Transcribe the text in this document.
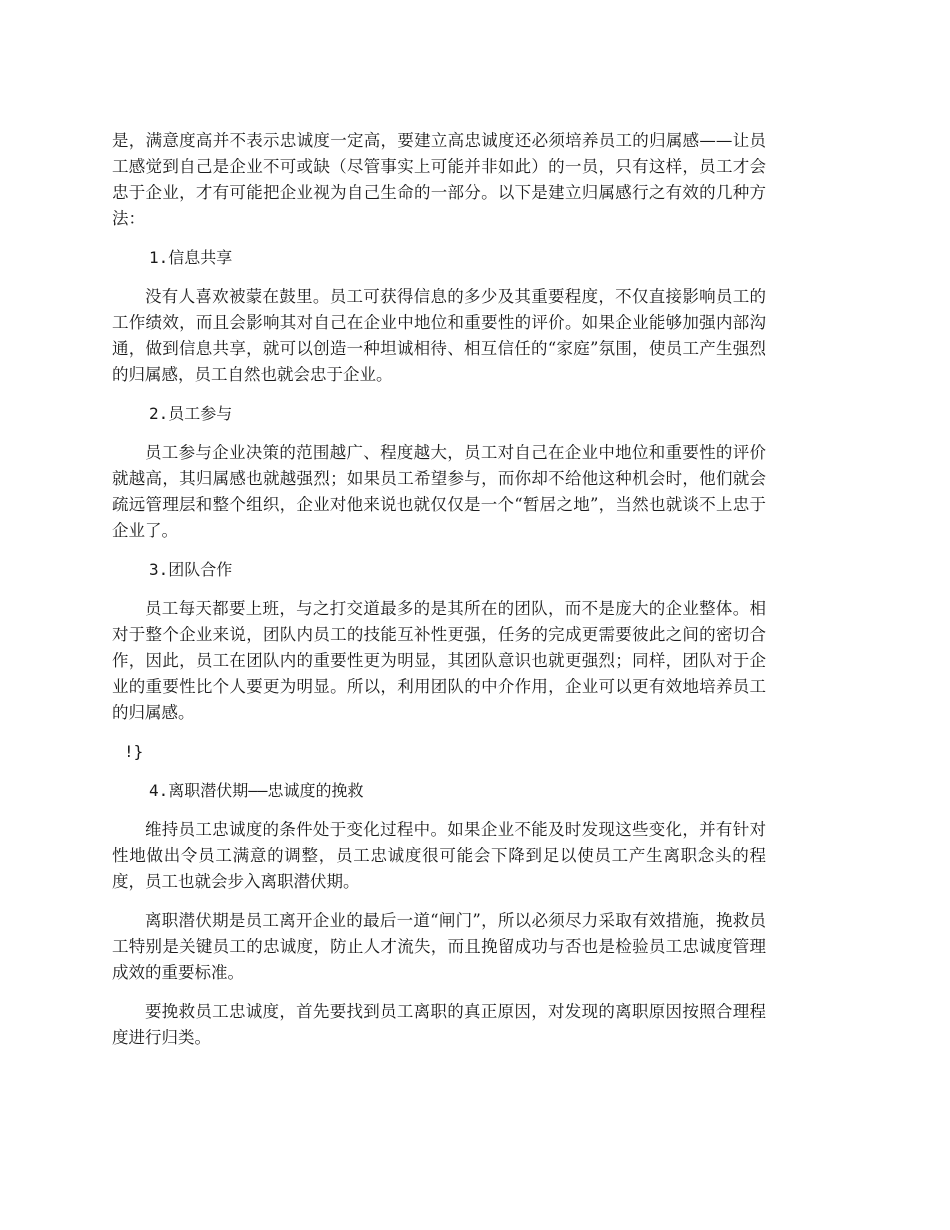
是，满意度高并不表示忠诚度一定高，要建立高忠诚度还必须培养员工的归属感——让员工感觉到自己是企业不可或缺（尽管事实上可能并非如此）的一员，只有这样，员工才会忠于企业，才有可能把企业视为自己生命的一部分。以下是建立归属感行之有效的几种方法：

1.信息共享

没有人喜欢被蒙在鼓里。员工可获得信息的多少及其重要程度，不仅直接影响员工的工作绩效，而且会影响其对自己在企业中地位和重要性的评价。如果企业能够加强内部沟通，做到信息共享，就可以创造一种坦诚相待、相互信任的“家庭”氛围，使员工产生强烈的归属感，员工自然也就会忠于企业。

2.员工参与

员工参与企业决策的范围越广、程度越大，员工对自己在企业中地位和重要性的评价就越高，其归属感也就越强烈；如果员工希望参与，而你却不给他这种机会时，他们就会疏远管理层和整个组织，企业对他来说也就仅仅是一个“暂居之地”，当然也就谈不上忠于企业了。

3.团队合作

员工每天都要上班，与之打交道最多的是其所在的团队，而不是庞大的企业整体。相对于整个企业来说，团队内员工的技能互补性更强，任务的完成更需要彼此之间的密切合作，因此，员工在团队内的重要性更为明显，其团队意识也就更强烈；同样，团队对于企业的重要性比个人要更为明显。所以，利用团队的中介作用，企业可以更有效地培养员工的归属感。

!}

4.离职潜伏期——忠诚度的挽救

维持员工忠诚度的条件处于变化过程中。如果企业不能及时发现这些变化，并有针对性地做出令员工满意的调整，员工忠诚度很可能会下降到足以使员工产生离职念头的程度，员工也就会步入离职潜伏期。

离职潜伏期是员工离开企业的最后一道“闸门”，所以必须尽力采取有效措施，挽救员工特别是关键员工的忠诚度，防止人才流失，而且挽留成功与否也是检验员工忠诚度管理成效的重要标准。

要挽救员工忠诚度，首先要找到员工离职的真正原因，对发现的离职原因按照合理程度进行归类。
